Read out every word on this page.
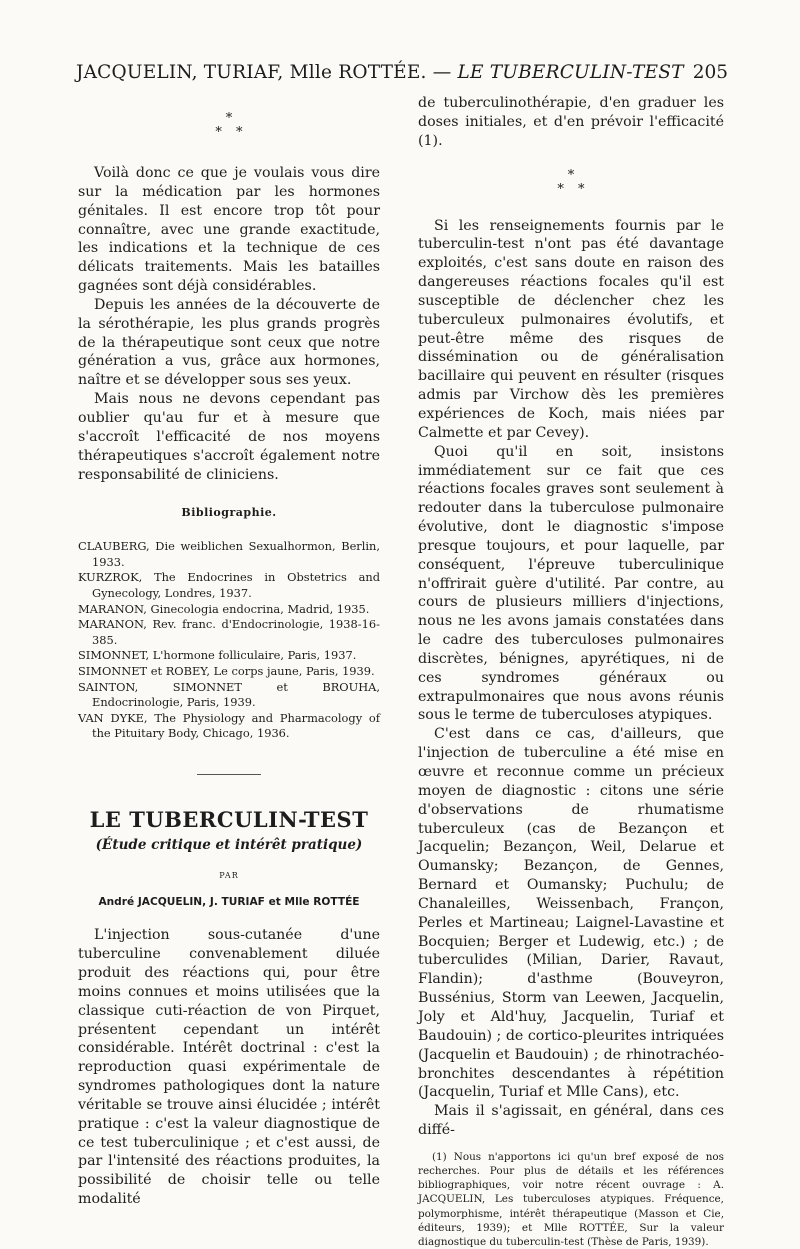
JACQUELIN, TURIAF, Mlle ROTTÉE. — LE TUBERCULIN-TEST 205
*
* *

Voilà donc ce que je voulais vous dire sur la médication par les hormones génitales. Il est encore trop tôt pour connaître, avec une grande exactitude, les indications et la technique de ces délicats traitements. Mais les batailles gagnées sont déjà considérables.

Depuis les années de la découverte de la sérothérapie, les plus grands progrès de la thérapeutique sont ceux que notre génération a vus, grâce aux hormones, naître et se développer sous ses yeux.

Mais nous ne devons cependant pas oublier qu'au fur et à mesure que s'accroît l'efficacité de nos moyens thérapeutiques s'accroît également notre responsabilité de cliniciens.

Bibliographie.
CLAUBERG, Die weiblichen Sexualhormon, Berlin, 1933.
KURZROK, The Endocrines in Obstetrics and Gynecology, Londres, 1937.
MARANON, Ginecologia endocrina, Madrid, 1935.
MARANON, Rev. franc. d'Endocrinologie, 1938-16-385.
SIMONNET, L'hormone folliculaire, Paris, 1937.
SIMONNET et ROBEY, Le corps jaune, Paris, 1939.
SAINTON, SIMONNET et BROUHA, Endocrinologie, Paris, 1939.
VAN DYKE, The Physiology and Pharmacology of the Pituitary Body, Chicago, 1936.
LE TUBERCULIN-TEST
(Étude critique et intérêt pratique)
PAR
André JACQUELIN, J. TURIAF et Mlle ROTTÉE

L'injection sous-cutanée d'une tuberculine convenablement diluée produit des réactions qui, pour être moins connues et moins utilisées que la classique cuti-réaction de von Pirquet, présentent cependant un intérêt considérable. Intérêt doctrinal : c'est la reproduction quasi expérimentale de syndromes pathologiques dont la nature véritable se trouve ainsi élucidée ; intérêt pratique : c'est la valeur diagnostique de ce test tuberculinique ; et c'est aussi, de par l'intensité des réactions produites, la possibilité de choisir telle ou telle modalité

de tuberculinothérapie, d'en graduer les doses initiales, et d'en prévoir l'efficacité (1).

*
* *

Si les renseignements fournis par le tuberculin-test n'ont pas été davantage exploités, c'est sans doute en raison des dangereuses réactions focales qu'il est susceptible de déclencher chez les tuberculeux pulmonaires évolutifs, et peut-être même des risques de dissémination ou de généralisation bacillaire qui peuvent en résulter (risques admis par Virchow dès les premières expériences de Koch, mais niées par Calmette et par Cevey).

Quoi qu'il en soit, insistons immédiatement sur ce fait que ces réactions focales graves sont seulement à redouter dans la tuberculose pulmonaire évolutive, dont le diagnostic s'impose presque toujours, et pour laquelle, par conséquent, l'épreuve tuberculinique n'offrirait guère d'utilité. Par contre, au cours de plusieurs milliers d'injections, nous ne les avons jamais constatées dans le cadre des tuberculoses pulmonaires discrètes, bénignes, apyrétiques, ni de ces syndromes généraux ou extrapulmonaires que nous avons réunis sous le terme de tuberculoses atypiques.

C'est dans ce cas, d'ailleurs, que l'injection de tuberculine a été mise en œuvre et reconnue comme un précieux moyen de diagnostic : citons une série d'observations de rhumatisme tuberculeux (cas de Bezançon et Jacquelin; Bezançon, Weil, Delarue et Oumansky; Bezançon, de Gennes, Bernard et Oumansky; Puchulu; de Chanaleilles, Weissenbach, Françon, Perles et Martineau; Laignel-Lavastine et Bocquien; Berger et Ludewig, etc.) ; de tuberculides (Milian, Darier, Ravaut, Flandin); d'asthme (Bouveyron, Bussénius, Storm van Leewen, Jacquelin, Joly et Ald'huy, Jacquelin, Turiaf et Baudouin) ; de cortico-pleurites intriquées (Jacquelin et Baudouin) ; de rhinotrachéo-bronchites descendantes à répétition (Jacquelin, Turiaf et Mlle Cans), etc.

Mais il s'agissait, en général, dans ces diffé-

(1) Nous n'apportons ici qu'un bref exposé de nos recherches. Pour plus de détails et les références bibliographiques, voir notre récent ouvrage : A. JACQUELIN, Les tuberculoses atypiques. Fréquence, polymorphisme, intérêt thérapeutique (Masson et Cie, éditeurs, 1939); et Mlle ROTTÉE, Sur la valeur diagnostique du tuberculin-test (Thèse de Paris, 1939).
